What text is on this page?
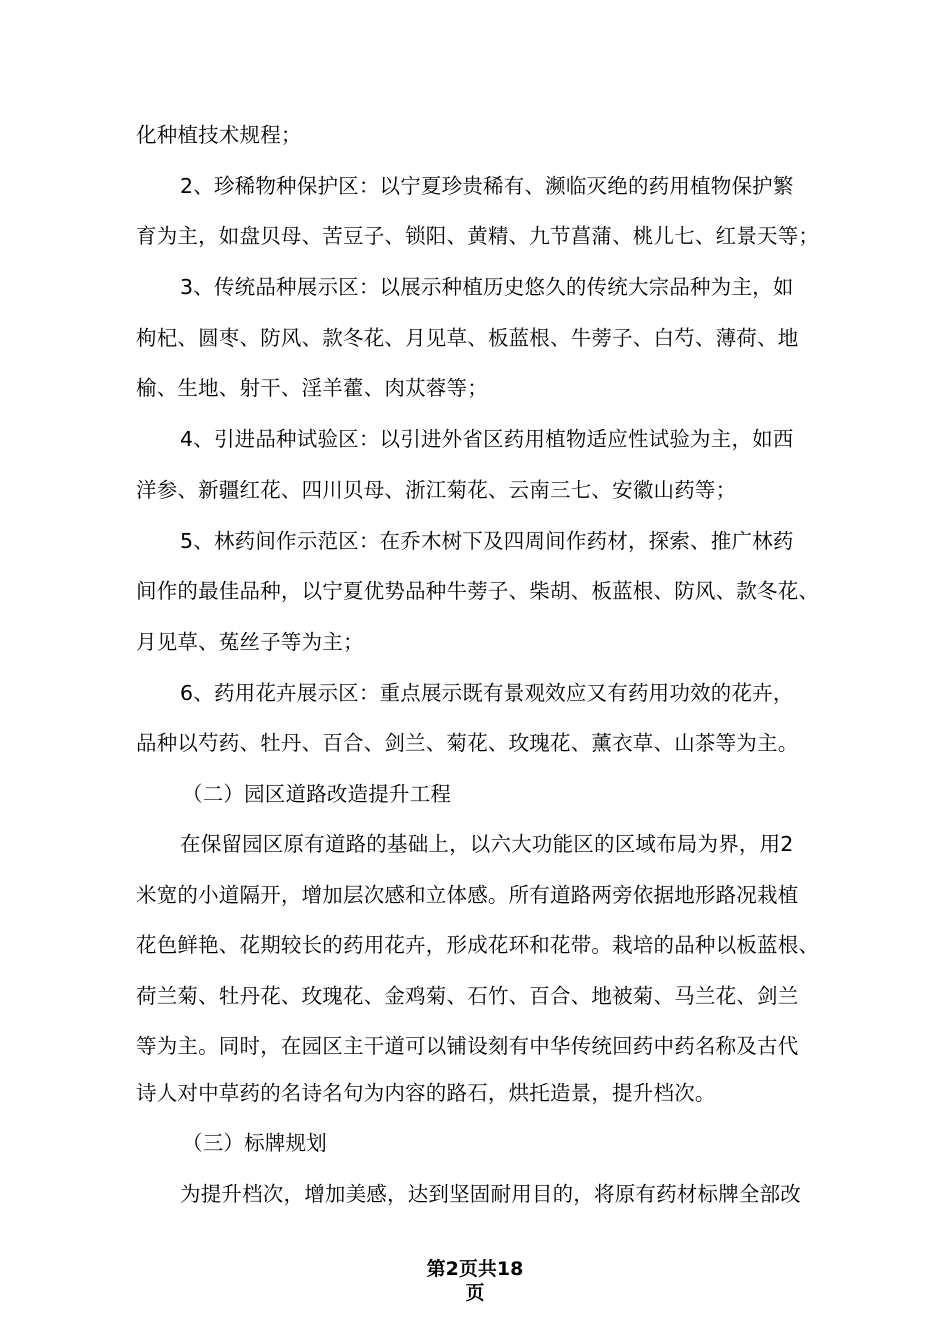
化种植技术规程；
2、珍稀物种保护区：以宁夏珍贵稀有、濒临灭绝的药用植物保护繁
育为主，如盘贝母、苦豆子、锁阳、黄精、九节菖蒲、桃儿七、红景天等；
3、传统品种展示区：以展示种植历史悠久的传统大宗品种为主，如
枸杞、圆枣、防风、款冬花、月见草、板蓝根、牛蒡子、白芍、薄荷、地
榆、生地、射干、淫羊藿、肉苁蓉等；
4、引进品种试验区：以引进外省区药用植物适应性试验为主，如西
洋参、新疆红花、四川贝母、浙江菊花、云南三七、安徽山药等；
5、林药间作示范区：在乔木树下及四周间作药材，探索、推广林药
间作的最佳品种，以宁夏优势品种牛蒡子、柴胡、板蓝根、防风、款冬花、
月见草、菟丝子等为主；
6、药用花卉展示区：重点展示既有景观效应又有药用功效的花卉，
品种以芍药、牡丹、百合、剑兰、菊花、玫瑰花、薰衣草、山茶等为主。
（二）园区道路改造提升工程
在保留园区原有道路的基础上，以六大功能区的区域布局为界，用2
米宽的小道隔开，增加层次感和立体感。所有道路两旁依据地形路况栽植
花色鲜艳、花期较长的药用花卉，形成花环和花带。栽培的品种以板蓝根、
荷兰菊、牡丹花、玫瑰花、金鸡菊、石竹、百合、地被菊、马兰花、剑兰
等为主。同时，在园区主干道可以铺设刻有中华传统回药中药名称及古代
诗人对中草药的名诗名句为内容的路石，烘托造景，提升档次。
（三）标牌规划
为提升档次，增加美感，达到坚固耐用目的，将原有药材标牌全部改
第2页共18
页
